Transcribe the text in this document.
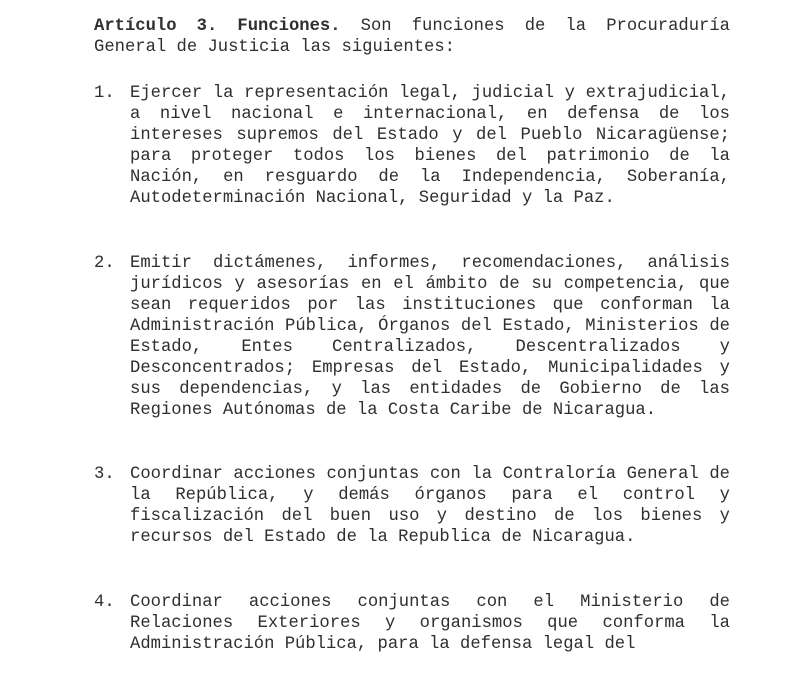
Artículo 3. Funciones. Son funciones de la Procuraduría General de Justicia las siguientes:

1. Ejercer la representación legal, judicial y extrajudicial, a nivel nacional e internacional, en defensa de los intereses supremos del Estado y del Pueblo Nicaragüense; para proteger todos los bienes del patrimonio de la Nación, en resguardo de la Independencia, Soberanía, Autodeterminación Nacional, Seguridad y la Paz.
2. Emitir dictámenes, informes, recomendaciones, análisis jurídicos y asesorías en el ámbito de su competencia, que sean requeridos por las instituciones que conforman la Administración Pública, Órganos del Estado, Ministerios de Estado, Entes Centralizados, Descentralizados y Desconcentrados; Empresas del Estado, Municipalidades y sus dependencias, y las entidades de Gobierno de las Regiones Autónomas de la Costa Caribe de Nicaragua.
3. Coordinar acciones conjuntas con la Contraloría General de la República, y demás órganos para el control y fiscalización del buen uso y destino de los bienes y recursos del Estado de la Republica de Nicaragua.
4. Coordinar acciones conjuntas con el Ministerio de Relaciones Exteriores y organismos que conforma la Administración Pública, para la defensa legal del
